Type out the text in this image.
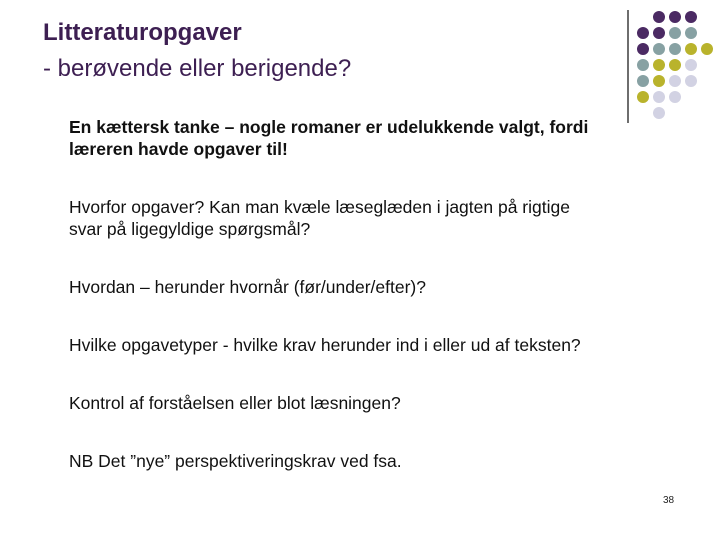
Litteraturopgaver
- berøvende eller berigende?
En kættersk tanke – nogle romaner er udelukkende valgt, fordi
læreren havde opgaver til!
Hvorfor opgaver? Kan man kvæle læseglæden i jagten på rigtige
svar på ligegyldige spørgsmål?
Hvordan – herunder hvornår (før/under/efter)?
Hvilke opgavetyper - hvilke krav herunder ind i eller ud af teksten?
Kontrol af forståelsen eller blot læsningen?
NB Det ”nye” perspektiveringskrav ved fsa.
38
